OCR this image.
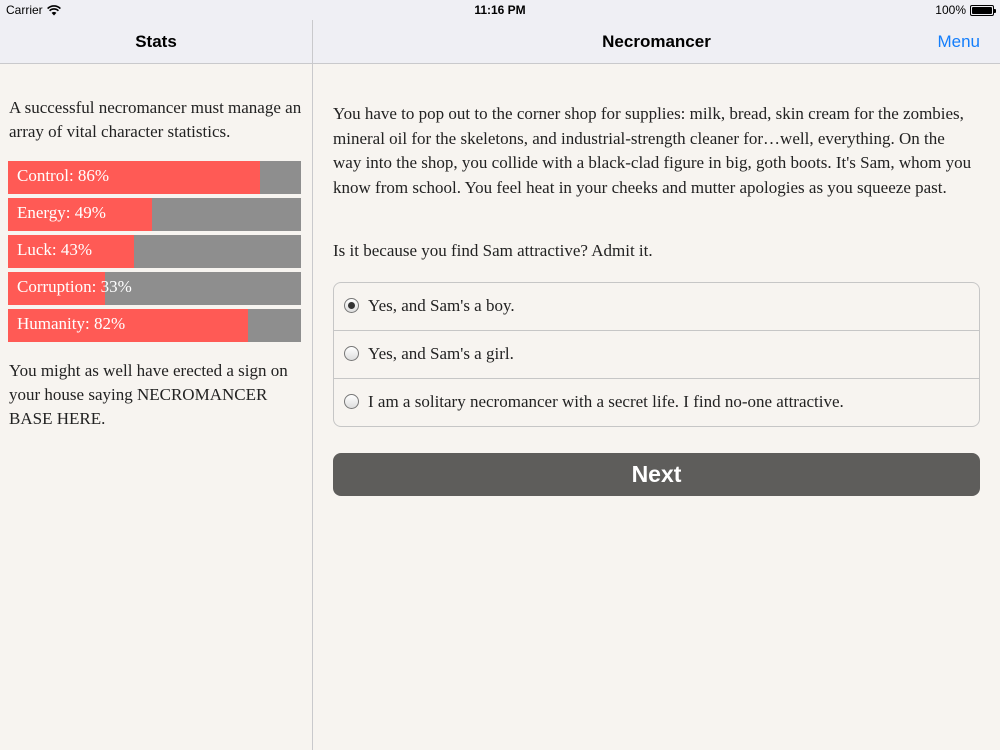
Carrier	11:16 PM	100%
Stats	Necromancer	Menu
A successful necromancer must manage an array of vital character statistics.
Control: 86%
Energy: 49%
Luck: 43%
Corruption: 33%
Humanity: 82%
You might as well have erected a sign on your house saying NECROMANCER BASE HERE.
You have to pop out to the corner shop for supplies: milk, bread, skin cream for the zombies, mineral oil for the skeletons, and industrial-strength cleaner for…well, everything. On the way into the shop, you collide with a black-clad figure in big, goth boots. It's Sam, whom you know from school. You feel heat in your cheeks and mutter apologies as you squeeze past.
Is it because you find Sam attractive? Admit it.
Yes, and Sam's a boy.
Yes, and Sam's a girl.
I am a solitary necromancer with a secret life. I find no-one attractive.
Next
